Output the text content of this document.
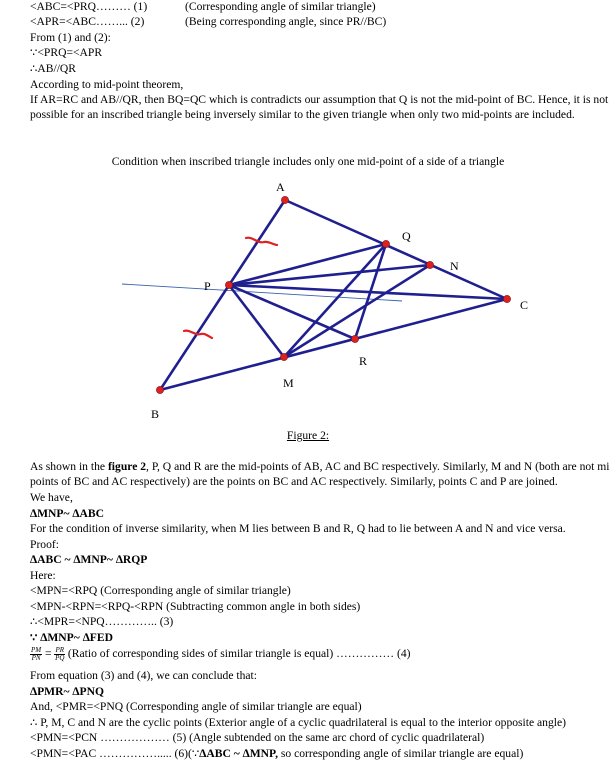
<ABC=<PRQ……… (1)	(Corresponding angle of similar triangle)
<APR=<ABC……... (2)	(Being corresponding angle, since PR//BC)
From (1) and (2):
∵<PRQ=<APR
∴AB//QR
According to mid-point theorem,
If AR=RC and AB//QR, then BQ=QC which is contradicts our assumption that Q is not the mid-point of BC. Hence, it is not possible for an inscribed triangle being inversely similar to the given triangle when only two mid-points are included.
Condition when inscribed triangle includes only one mid-point of a side of a triangle
A
Q
N
C
P
R
M
B
Figure 2:
As shown in the figure 2, P, Q and R are the mid-points of AB, AC and BC respectively. Similarly, M and N (both are not mi
points of BC and AC respectively) are the points on BC and AC respectively. Similarly, points C and P are joined.
We have,
∆MNP~ ∆ABC
For the condition of inverse similarity, when M lies between B and R, Q had to lie between A and N and vice versa.
Proof:
∆ABC ~ ∆MNP~ ∆RQP
Here:
<MPN=<RPQ (Corresponding angle of similar triangle)
<MPN-<RPN=<RPQ-<RPN (Subtracting common angle in both sides)
∴<MPR=<NPQ………….. (3)
∵ ∆MNP~ ∆FED
$\frac{PM}{PN} = \frac{PR}{PQ}$ (Ratio of corresponding sides of similar triangle is equal) …………… (4)
From equation (3) and (4), we can conclude that:
∆PMR~ ∆PNQ
And, <PMR=<PNQ (Corresponding angle of similar triangle are equal)
∴ P, M, C and N are the cyclic points (Exterior angle of a cyclic quadrilateral is equal to the interior opposite angle)
<PMN=<PCN ……………… (5) (Angle subtended on the same arc chord of cyclic quadrilateral)
<PMN=<PAC ……………..... (6)(∵∆ABC ~ ∆MNP, so corresponding angle of similar triangle are equal)
